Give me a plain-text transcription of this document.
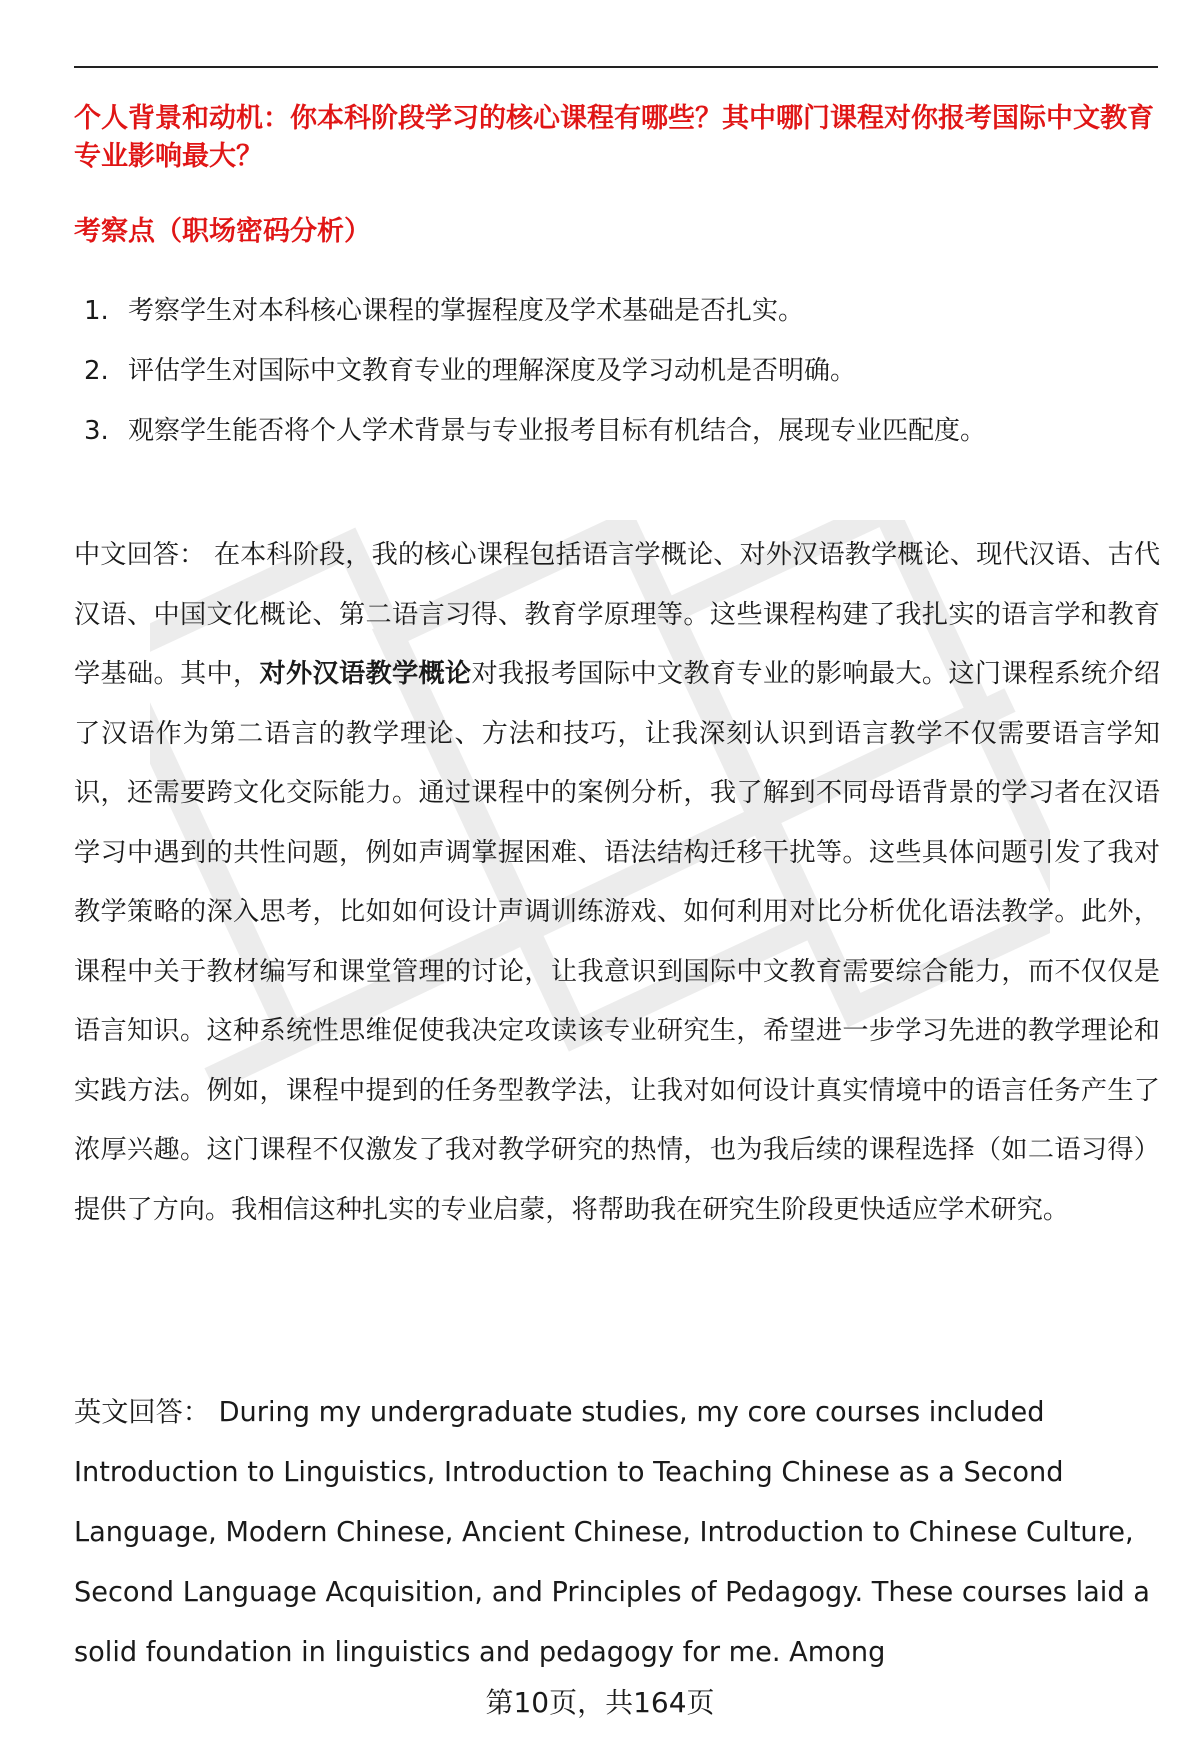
个人背景和动机：你本科阶段学习的核心课程有哪些？其中哪门课程对你报考国际中文教育专业影响最大？
考察点（职场密码分析）
1. 考察学生对本科核心课程的掌握程度及学术基础是否扎实。
2. 评估学生对国际中文教育专业的理解深度及学习动机是否明确。
3. 观察学生能否将个人学术背景与专业报考目标有机结合，展现专业匹配度。

中文回答： 在本科阶段，我的核心课程包括语言学概论、对外汉语教学概论、现代汉语、古代汉语、中国文化概论、第二语言习得、教育学原理等。这些课程构建了我扎实的语言学和教育学基础。其中，对外汉语教学概论对我报考国际中文教育专业的影响最大。这门课程系统介绍了汉语作为第二语言的教学理论、方法和技巧，让我深刻认识到语言教学不仅需要语言学知识，还需要跨文化交际能力。通过课程中的案例分析，我了解到不同母语背景的学习者在汉语学习中遇到的共性问题，例如声调掌握困难、语法结构迁移干扰等。这些具体问题引发了我对教学策略的深入思考，比如如何设计声调训练游戏、如何利用对比分析优化语法教学。此外，课程中关于教材编写和课堂管理的讨论，让我意识到国际中文教育需要综合能力，而不仅仅是语言知识。这种系统性思维促使我决定攻读该专业研究生，希望进一步学习先进的教学理论和实践方法。例如，课程中提到的任务型教学法，让我对如何设计真实情境中的语言任务产生了浓厚兴趣。这门课程不仅激发了我对教学研究的热情，也为我后续的课程选择（如二语习得）提供了方向。我相信这种扎实的专业启蒙，将帮助我在研究生阶段更快适应学术研究。

英文回答： During my undergraduate studies, my core courses included Introduction to Linguistics, Introduction to Teaching Chinese as a Second Language, Modern Chinese, Ancient Chinese, Introduction to Chinese Culture, Second Language Acquisition, and Principles of Pedagogy. These courses laid a solid foundation in linguistics and pedagogy for me. Among

第10页，共164页
